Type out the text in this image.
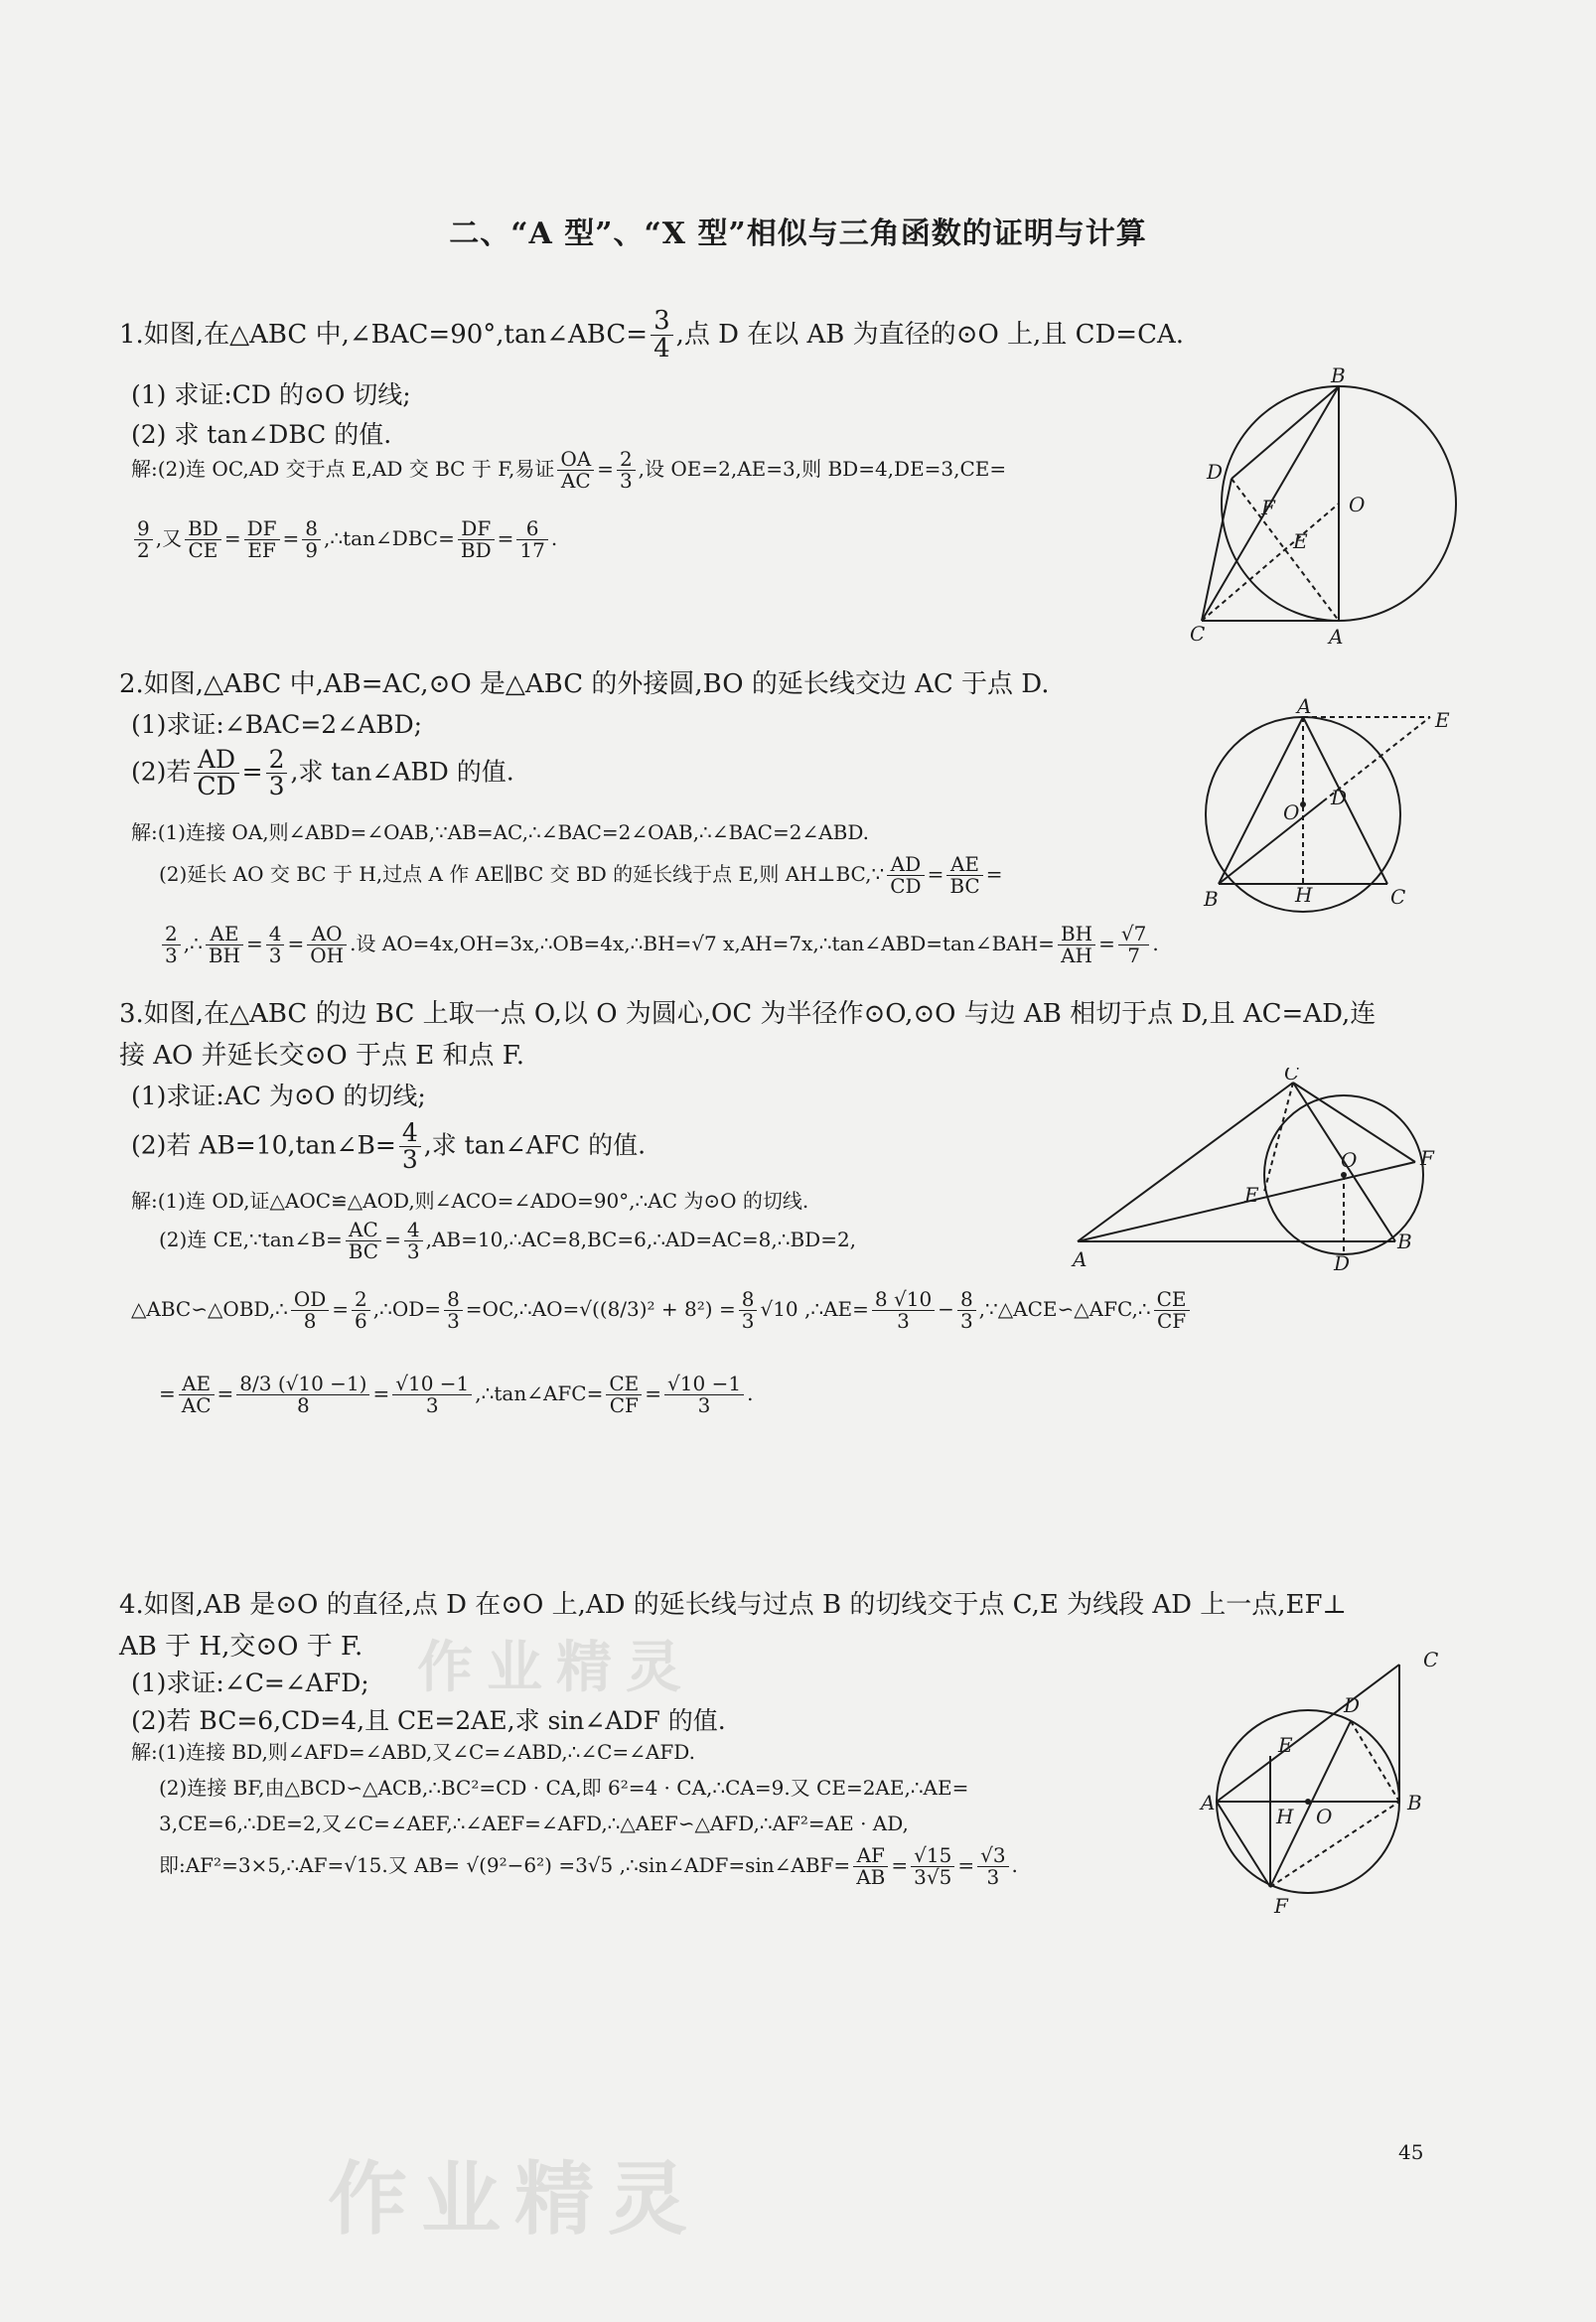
二、“A 型”、“X 型”相似与三角函数的证明与计算
1.如图,在△ABC 中,∠BAC=90°,tan∠ABC= $\frac{3}{4}$ ,点 D 在以 AB 为直径的⊙O 上,且 CD=CA.
(1) 求证:CD 的⊙O 切线;
(2) 求 tan∠DBC 的值.
解:(2)连 OC,AD 交于点 E,AD 交 BC 于 F,易证 $\frac{OA}{AC} = \frac{2}{3}$ ,设 OE=2,AE=3,则 BD=4,DE=3,CE=
$\frac{9}{2}$ ,又 $\frac{BD}{CE} = \frac{DF}{EF} = \frac{8}{9}$ ,∴tan∠DBC= $\frac{DF}{BD} = \frac{6}{17}$ .
B
D
O
F
E
C	A
2.如图,△ABC 中,AB=AC,⊙O 是△ABC 的外接圆,BO 的延长线交边 AC 于点 D.
(1)求证:∠BAC=2∠ABD;
(2)若 $\frac{AD}{CD} = \frac{2}{3}$ ,求 tan∠ABD 的值.
解:(1)连接 OA,则∠ABD=∠OAB,∵AB=AC,∴∠BAC=2∠OAB,∴∠BAC=2∠ABD.
(2)延长 AO 交 BC 于 H,过点 A 作 AE∥BC 交 BD 的延长线于点 E,则 AH⊥BC,∵ $\frac{AD}{CD} = \frac{AE}{BC}$ =
$\frac{2}{3}$ ,∴ $\frac{AE}{BH} = \frac{4}{3} = \frac{AO}{OH}$ .设 AO=4x,OH=3x,∴OB=4x,∴BH=√7 x,AH=7x,∴tan∠ABD=tan∠BAH= $\frac{BH}{AH} = \frac{√7}{7}$ .
A
E
D
O
B	H	C
3.如图,在△ABC 的边 BC 上取一点 O,以 O 为圆心,OC 为半径作⊙O,⊙O 与边 AB 相切于点 D,且 AC=AD,连
接 AO 并延长交⊙O 于点 E 和点 F.
(1)求证:AC 为⊙O 的切线;
(2)若 AB=10,tan∠B= $\frac{4}{3}$ ,求 tan∠AFC 的值.
解:(1)连 OD,证△AOC≌△AOD,则∠ACO=∠ADO=90°,∴AC 为⊙O 的切线.
(2)连 CE,∵tan∠B= $\frac{AC}{BC} = \frac{4}{3}$ ,AB=10,∴AC=8,BC=6,∴AD=AC=8,∴BD=2,
△ABC∽△OBD,∴ $\frac{OD}{8} = \frac{2}{6}$ ,∴OD= $\frac{8}{3}$ =OC,∴AO=√((8/3)² + $8^2) = \frac{8}{3} √10$ ,∴AE= $\frac{8 √10}{3} - \frac{8}{3}$ ,∵△ACE∽△AFC,∴ $\frac{CE}{CF}$
= $\frac{AE}{AC} = \frac{8/3 (√10 -1)}{8} = \frac{√10 -1}{3}$ ,∴tan∠AFC= $\frac{CE}{CF} = \frac{√10 -1}{3}$ .
C
O	F
E
A	D
B
4.如图,AB 是⊙O 的直径,点 D 在⊙O 上,AD 的延长线与过点 B 的切线交于点 C,E 为线段 AD 上一点,EF⊥
AB 于 H,交⊙O 于 F.
(1)求证:∠C=∠AFD;
(2)若 BC=6,CD=4,且 CE=2AE,求 sin∠ADF 的值.
解:(1)连接 BD,则∠AFD=∠ABD,又∠C=∠ABD,∴∠C=∠AFD.
(2)连接 BF,由△BCD∽△ACB,∴BC²=CD · CA,即 6²=4 · CA,∴CA=9.又 CE=2AE,∴AE=
3,CE=6,∴DE=2,又∠C=∠AEF,∴∠AEF=∠AFD,∴△AEF∽△AFD,∴AF²=AE · AD,
即:AF²=3×5,∴AF=√15.又 AB= √(9²−6²) =3√5 ,∴sin∠ADF=sin∠ABF= $\frac{AF}{AB} = \frac{√15}{3√5} = \frac{√3}{3}$ .
C
D
E
A
H O
B
F
作业精灵
作业精灵
45
